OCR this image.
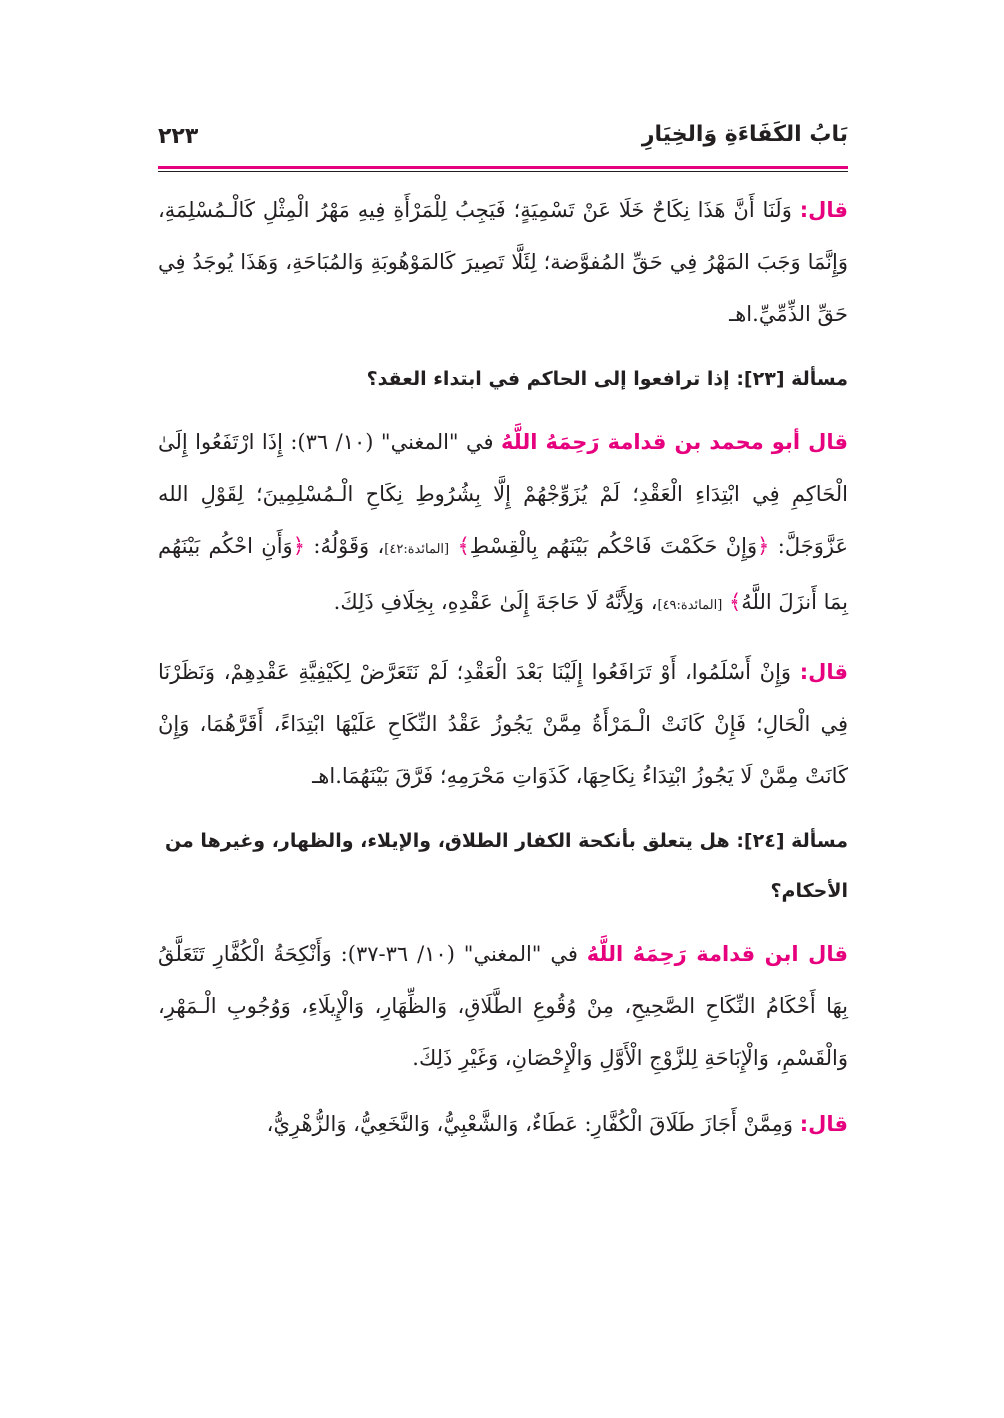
بَابُ الكَفَاءَةِ وَالخِيَارِ
٢٢٣

قال: وَلَنَا أَنَّ هَذَا نِكَاحٌ خَلَا عَنْ تَسْمِيَةٍ؛ فَيَجِبُ لِلْمَرْأَةِ فِيهِ مَهْرُ الْمِثْلِ كَالْـمُسْلِمَةِ، وَإِنَّمَا وَجَبَ المَهْرُ فِي حَقِّ المُفوَّضة؛ لِئَلَّا تَصِيرَ كَالمَوْهُوبَةِ وَالمُبَاحَةِ، وَهَذَا يُوجَدُ فِي حَقِّ الذِّمِّيِّ.اهـ

مسألة [٢٣]: إذا ترافعوا إلى الحاكم في ابتداء العقد؟

قال أبو محمد بن قدامة رَحِمَهُ اللَّهُ في "المغني" (١٠/ ٣٦): إِذَا ارْتَفَعُوا إِلَىٰ الْحَاكِمِ فِي ابْتِدَاءِ الْعَقْدِ؛ لَمْ يُزَوِّجْهُمْ إِلَّا بِشُرُوطِ نِكَاحِ الْـمُسْلِمِينَ؛ لِقَوْلِ الله عَزَّوَجَلَّ: ﴿وَإِنْ حَكَمْتَ فَاحْكُم بَيْنَهُم بِالْقِسْطِ﴾ [المائدة:٤٢]، وَقَوْلُهُ: ﴿وَأَنِ احْكُم بَيْنَهُم بِمَا أَنزَلَ اللَّهُ﴾ [المائدة:٤٩]، وَلِأَنَّهُ لَا حَاجَةَ إِلَىٰ عَقْدِهِ، بِخِلَافِ ذَلِكَ.

قال: وَإِنْ أَسْلَمُوا، أَوْ تَرَافَعُوا إِلَيْنَا بَعْدَ الْعَقْدِ؛ لَمْ نَتَعَرَّضْ لِكَيْفِيَّةِ عَقْدِهِمْ، وَنَظَرْنَا فِي الْحَالِ؛ فَإِنْ كَانَتْ الْـمَرْأَةُ مِمَّنْ يَجُوزُ عَقْدُ النِّكَاحِ عَلَيْهَا ابْتِدَاءً، أَقَرَّهُمَا، وَإِنْ كَانَتْ مِمَّنْ لَا يَجُوزُ ابْتِدَاءُ نِكَاحِهَا، كَذَوَاتِ مَحْرَمِهِ؛ فَرَّقَ بَيْنَهُمَا.اهـ

مسألة [٢٤]: هل يتعلق بأنكحة الكفار الطلاق، والإيلاء، والظهار، وغيرها من الأحكام؟

قال ابن قدامة رَحِمَهُ اللَّهُ في "المغني" (١٠/ ٣٦-٣٧): وَأَنْكِحَةُ الْكُفَّارِ تَتَعَلَّقُ بِهَا أَحْكَامُ النِّكَاحِ الصَّحِيحِ، مِنْ وُقُوعِ الطَّلَاقِ، وَالظِّهَارِ، وَالْإِيلَاءِ، وَوُجُوبِ الْـمَهْرِ، وَالْقَسْمِ، وَالْإِبَاحَةِ لِلزَّوْجِ الْأَوَّلِ وَالْإِحْصَانِ، وَغَيْرِ ذَلِكَ.

قال: وَمِمَّنْ أَجَازَ طَلَاقَ الْكُفَّارِ: عَطَاءٌ، وَالشَّعْبِيُّ، وَالنَّخَعِيُّ، وَالزُّهْرِيُّ،
